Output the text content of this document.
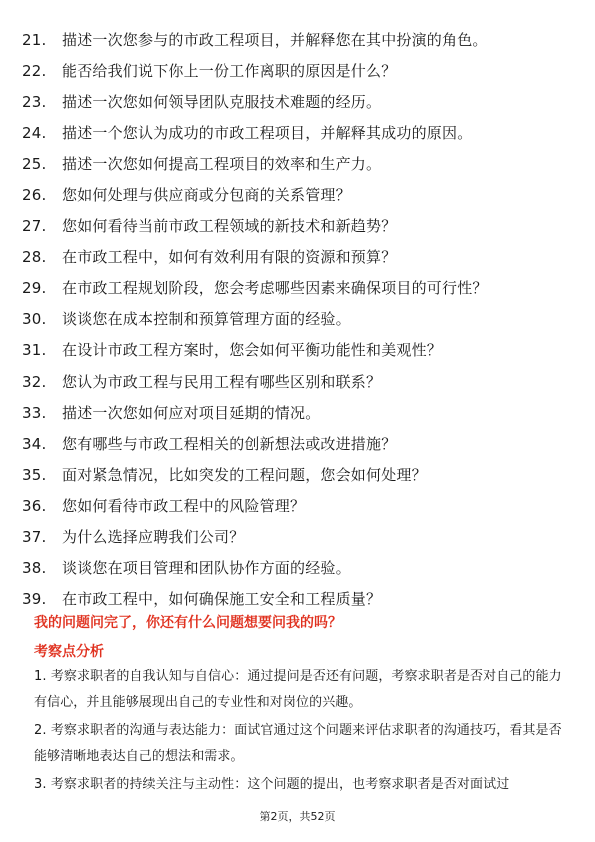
21.	描述一次您参与的市政工程项目，并解释您在其中扮演的角色。
22.	能否给我们说下你上一份工作离职的原因是什么？
23.	描述一次您如何领导团队克服技术难题的经历。
24.	描述一个您认为成功的市政工程项目，并解释其成功的原因。
25.	描述一次您如何提高工程项目的效率和生产力。
26.	您如何处理与供应商或分包商的关系管理？
27.	您如何看待当前市政工程领域的新技术和新趋势？
28.	在市政工程中，如何有效利用有限的资源和预算？
29.	在市政工程规划阶段，您会考虑哪些因素来确保项目的可行性？
30.	谈谈您在成本控制和预算管理方面的经验。
31.	在设计市政工程方案时，您会如何平衡功能性和美观性？
32.	您认为市政工程与民用工程有哪些区别和联系？
33.	描述一次您如何应对项目延期的情况。
34.	您有哪些与市政工程相关的创新想法或改进措施？
35.	面对紧急情况，比如突发的工程问题，您会如何处理？
36.	您如何看待市政工程中的风险管理？
37.	为什么选择应聘我们公司？
38.	谈谈您在项目管理和团队协作方面的经验。
39.	在市政工程中，如何确保施工安全和工程质量？

我的问题问完了，你还有什么问题想要问我的吗？

考察点分析

1. 考察求职者的自我认知与自信心：通过提问是否还有问题，考察求职者是否对自己的能力有信心，并且能够展现出自己的专业性和对岗位的兴趣。

2. 考察求职者的沟通与表达能力：面试官通过这个问题来评估求职者的沟通技巧，看其是否能够清晰地表达自己的想法和需求。

3. 考察求职者的持续关注与主动性：这个问题的提出，也考察求职者是否对面试过

第2页，共52页
